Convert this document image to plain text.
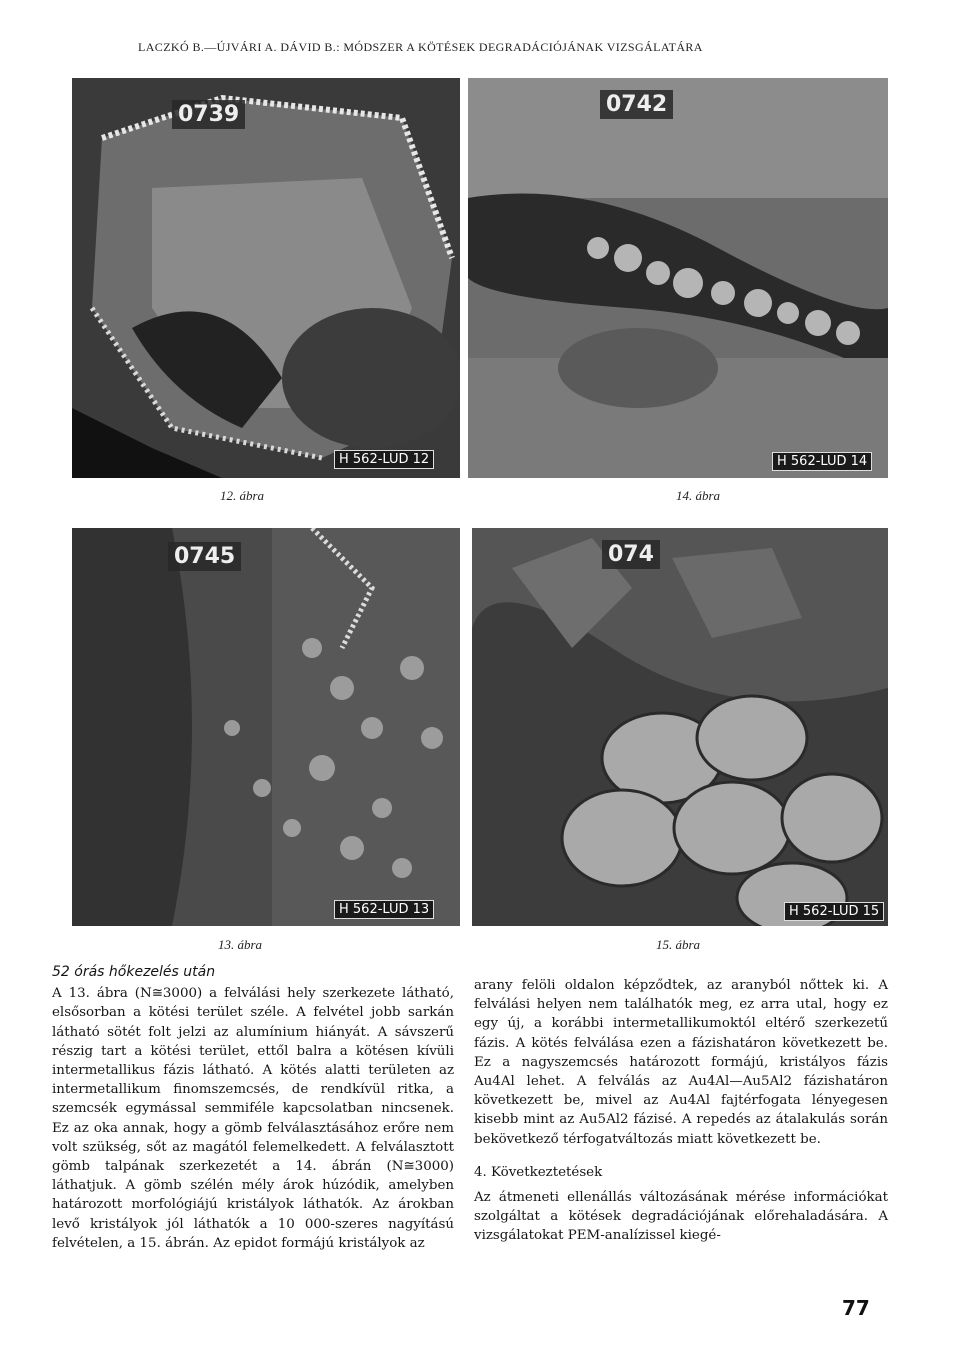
LACZKÓ B.—ÚJVÁRI A. DÁVID B.: MÓDSZER A KÖTÉSEK DEGRADÁCIÓJÁNAK VIZSGÁLATÁRA
0739
H 562-LUD 12
12. ábra
0742
H 562-LUD 14
14. ábra
0745
H 562-LUD 13
13. ábra
074
H 562-LUD 15
15. ábra
52 órás hőkezelés után

A 13. ábra (N≅3000) a felválási hely szerkezete látható, elsősorban a kötési terület széle. A felvétel jobb sarkán látható sötét folt jelzi az alumínium hiányát. A sávszerű részig tart a kötési terület, ettől balra a kötésen kívüli intermetallikus fázis látható. A kötés alatti területen az intermetallikum finomszemcsés, de rendkívül ritka, a szemcsék egymással semmiféle kapcsolatban nincsenek. Ez az oka annak, hogy a gömb felválasztásához erőre nem volt szükség, sőt az magától felemelkedett. A felválasztott gömb talpának szerkezetét a 14. ábrán (N≅3000) láthatjuk. A gömb szélén mély árok húzódik, amelyben határozott morfológiájú kristályok láthatók. Az árokban levő kristályok jól láthatók a 10 000-szeres nagyítású felvételen, a 15. ábrán. Az epidot formájú kristályok az

arany felöli oldalon képződtek, az aranyból nőttek ki. A felválási helyen nem találhatók meg, ez arra utal, hogy ez egy új, a korábbi intermetallikumoktól eltérő szerkezetű fázis. A kötés felválása ezen a fázishatáron következett be. Ez a nagyszemcsés határozott formájú, kristályos fázis Au4Al lehet. A felválás az Au4Al—Au5Al2 fázishatáron következett be, mivel az Au4Al fajtérfogata lényegesen kisebb mint az Au5Al2 fázisé. A repedés az átalakulás során bekövetkező térfogatváltozás miatt következett be.

4. Következtetések

Az átmeneti ellenállás változásának mérése információkat szolgáltat a kötések degradációjának előrehaladására. A vizsgálatokat PEM-analízissel kiegé-

77
